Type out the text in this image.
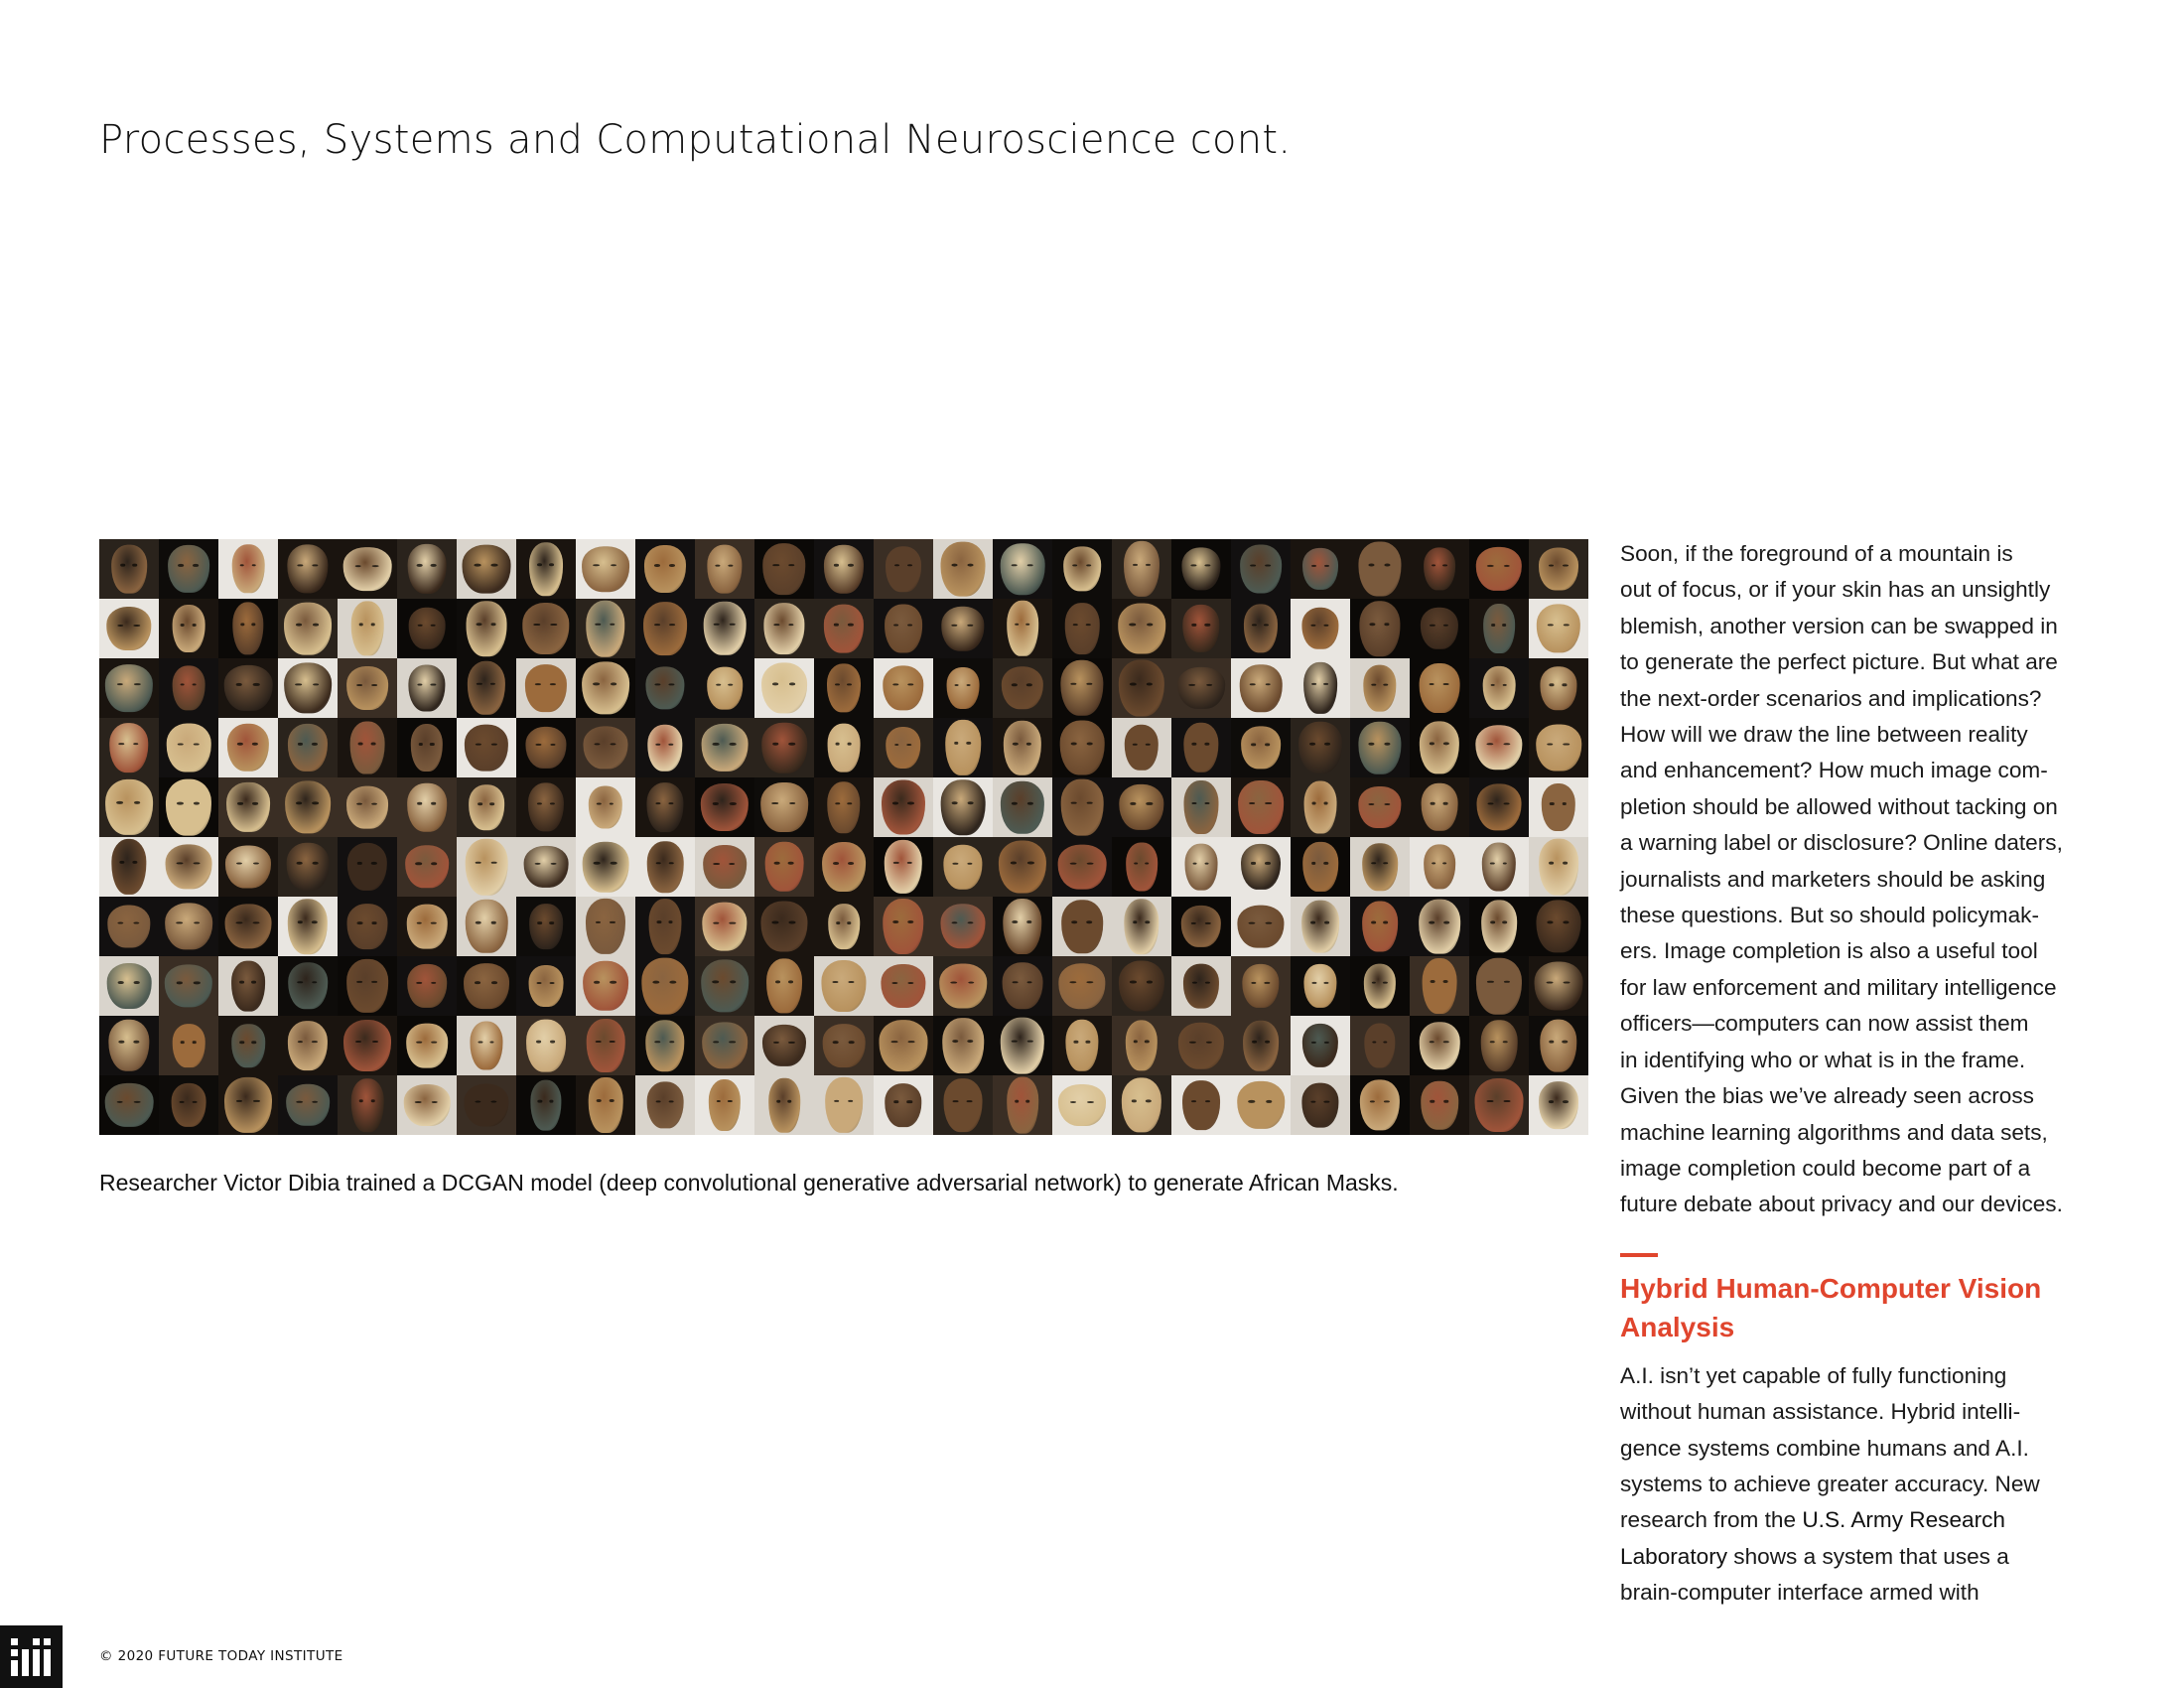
Processes, Systems and Computational Neuroscience cont.

Researcher Victor Dibia trained a DCGAN model (deep convolutional generative adversarial network) to generate African Masks.

Soon, if the foreground of a mountain is
out of focus, or if your skin has an unsightly
blemish, another version can be swapped in
to generate the perfect picture. But what are
the next-order scenarios and implications?
How will we draw the line between reality
and enhancement? How much image com-
pletion should be allowed without tacking on
a warning label or disclosure? Online daters,
journalists and marketers should be asking
these questions. But so should policymak-
ers. Image completion is also a useful tool
for law enforcement and military intelligence
officers—computers can now assist them
in identifying who or what is in the frame.
Given the bias we’ve already seen across
machine learning algorithms and data sets,
image completion could become part of a
future debate about privacy and our devices.

Hybrid Human-Computer Vision
Analysis

A.I. isn’t yet capable of fully functioning
without human assistance. Hybrid intelli-
gence systems combine humans and A.I.
systems to achieve greater accuracy. New
research from the U.S. Army Research
Laboratory shows a system that uses a
brain-computer interface armed with

© 2020 FUTURE TODAY INSTITUTE
